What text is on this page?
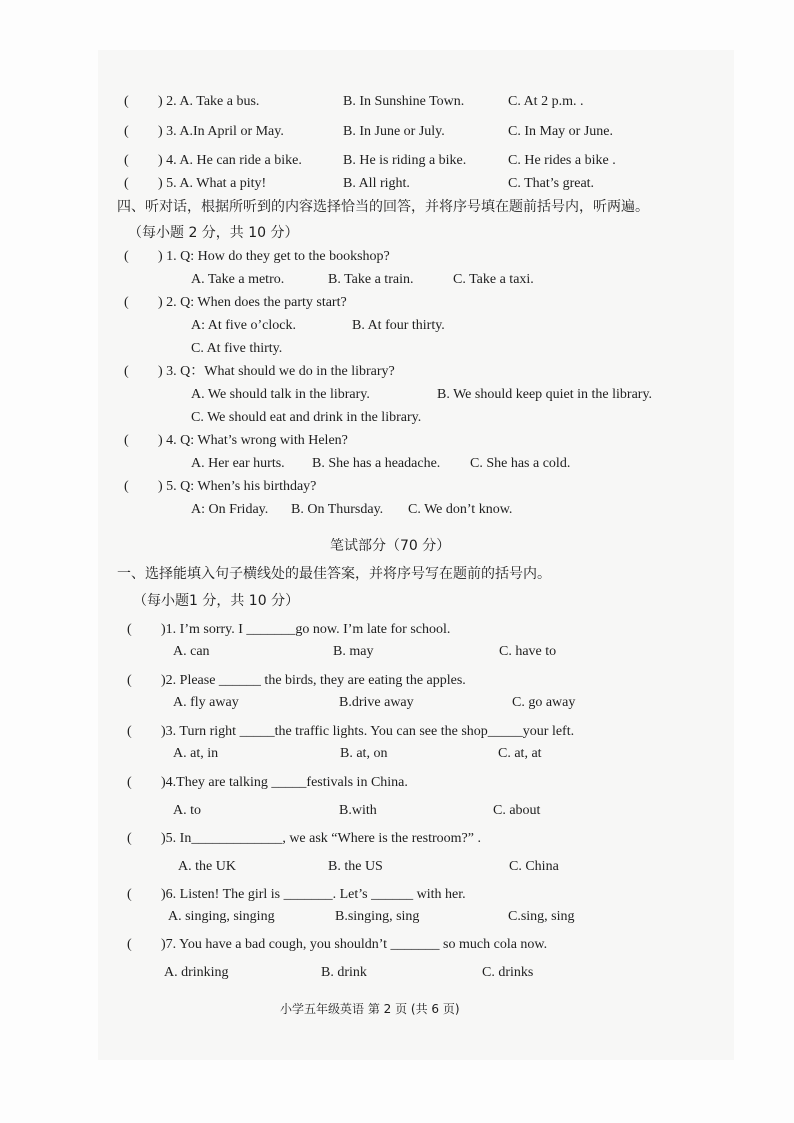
( ) 2. A. Take a bus.	B. In Sunshine Town.	C. At 2 p.m. .
( ) 3. A.In April or May.	B. In June or July.	C. In May or June.
( ) 4. A. He can ride a bike.	B. He is riding a bike.	C. He rides a bike .
( ) 5. A. What a pity!	B. All right.	C. That’s great.
四、听对话，根据所听到的内容选择恰当的回答，并将序号填在题前括号内，听两遍。
（每小题 2 分，共 10 分）
( ) 1. Q: How do they get to the bookshop?
A. Take a metro.	B. Take a train.	C. Take a taxi.
( ) 2. Q: When does the party start?
A: At five o’clock.	B. At four thirty.
C. At five thirty.
( ) 3. Q：What should we do in the library?
A. We should talk in the library.	B. We should keep quiet in the library.
C. We should eat and drink in the library.
( ) 4. Q: What’s wrong with Helen?
A. Her ear hurts. B. She has a headache. C. She has a cold.
( ) 5. Q: When’s his birthday?
A: On Friday. B. On Thursday. C. We don’t know.
笔试部分（70 分）
一、选择能填入句子横线处的最佳答案，并将序号写在题前的括号内。
（每小题1 分，共 10 分）
( )1. I’m sorry. I _______go now. I’m late for school.
A. can	B. may	C. have to
( )2. Please ______ the birds, they are eating the apples.
A. fly away	B.drive away	C. go away
( )3. Turn right _____the traffic lights. You can see the shop_____your left.
A. at, in	B. at, on	C. at, at
( )4.They are talking _____festivals in China.
A. to	B.with	C. about
( )5. In_____________, we ask “Where is the restroom?” .
A. the UK	B. the US	C. China
( )6. Listen! The girl is _______. Let’s ______ with her.
A. singing, singing	B.singing, sing	C.sing, sing
( )7. You have a bad cough, you shouldn’t _______ so much cola now.
A. drinking	B. drink	C. drinks
小学五年级英语 第 2 页 (共 6 页)
